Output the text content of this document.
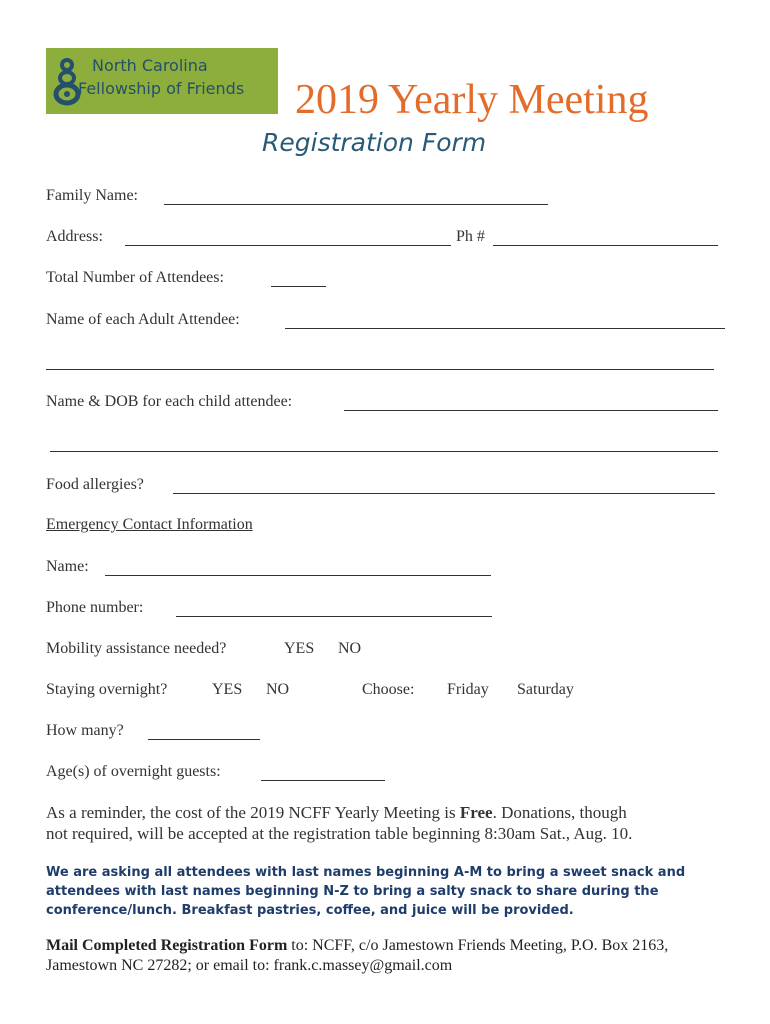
North Carolina
Fellowship of Friends	2019 Yearly Meeting
Registration Form
Family Name:
Address:	Ph #
Total Number of Attendees:
Name of each Adult Attendee:
Name & DOB for each child attendee:
Food allergies?
Emergency Contact Information
Name:
Phone number:
Mobility assistance needed?	YES NO
Staying overnight?	YES NO	Choose: Friday Saturday
How many?
Age(s) of overnight guests:
As a reminder, the cost of the 2019 NCFF Yearly Meeting is Free. Donations, though
not required, will be accepted at the registration table beginning 8:30am Sat., Aug. 10.
We are asking all attendees with last names beginning A-M to bring a sweet snack and
attendees with last names beginning N-Z to bring a salty snack to share during the
conference/lunch. Breakfast pastries, coffee, and juice will be provided.
Mail Completed Registration Form to: NCFF, c/o Jamestown Friends Meeting, P.O. Box 2163,
Jamestown NC 27282; or email to: frank.c.massey@gmail.com
